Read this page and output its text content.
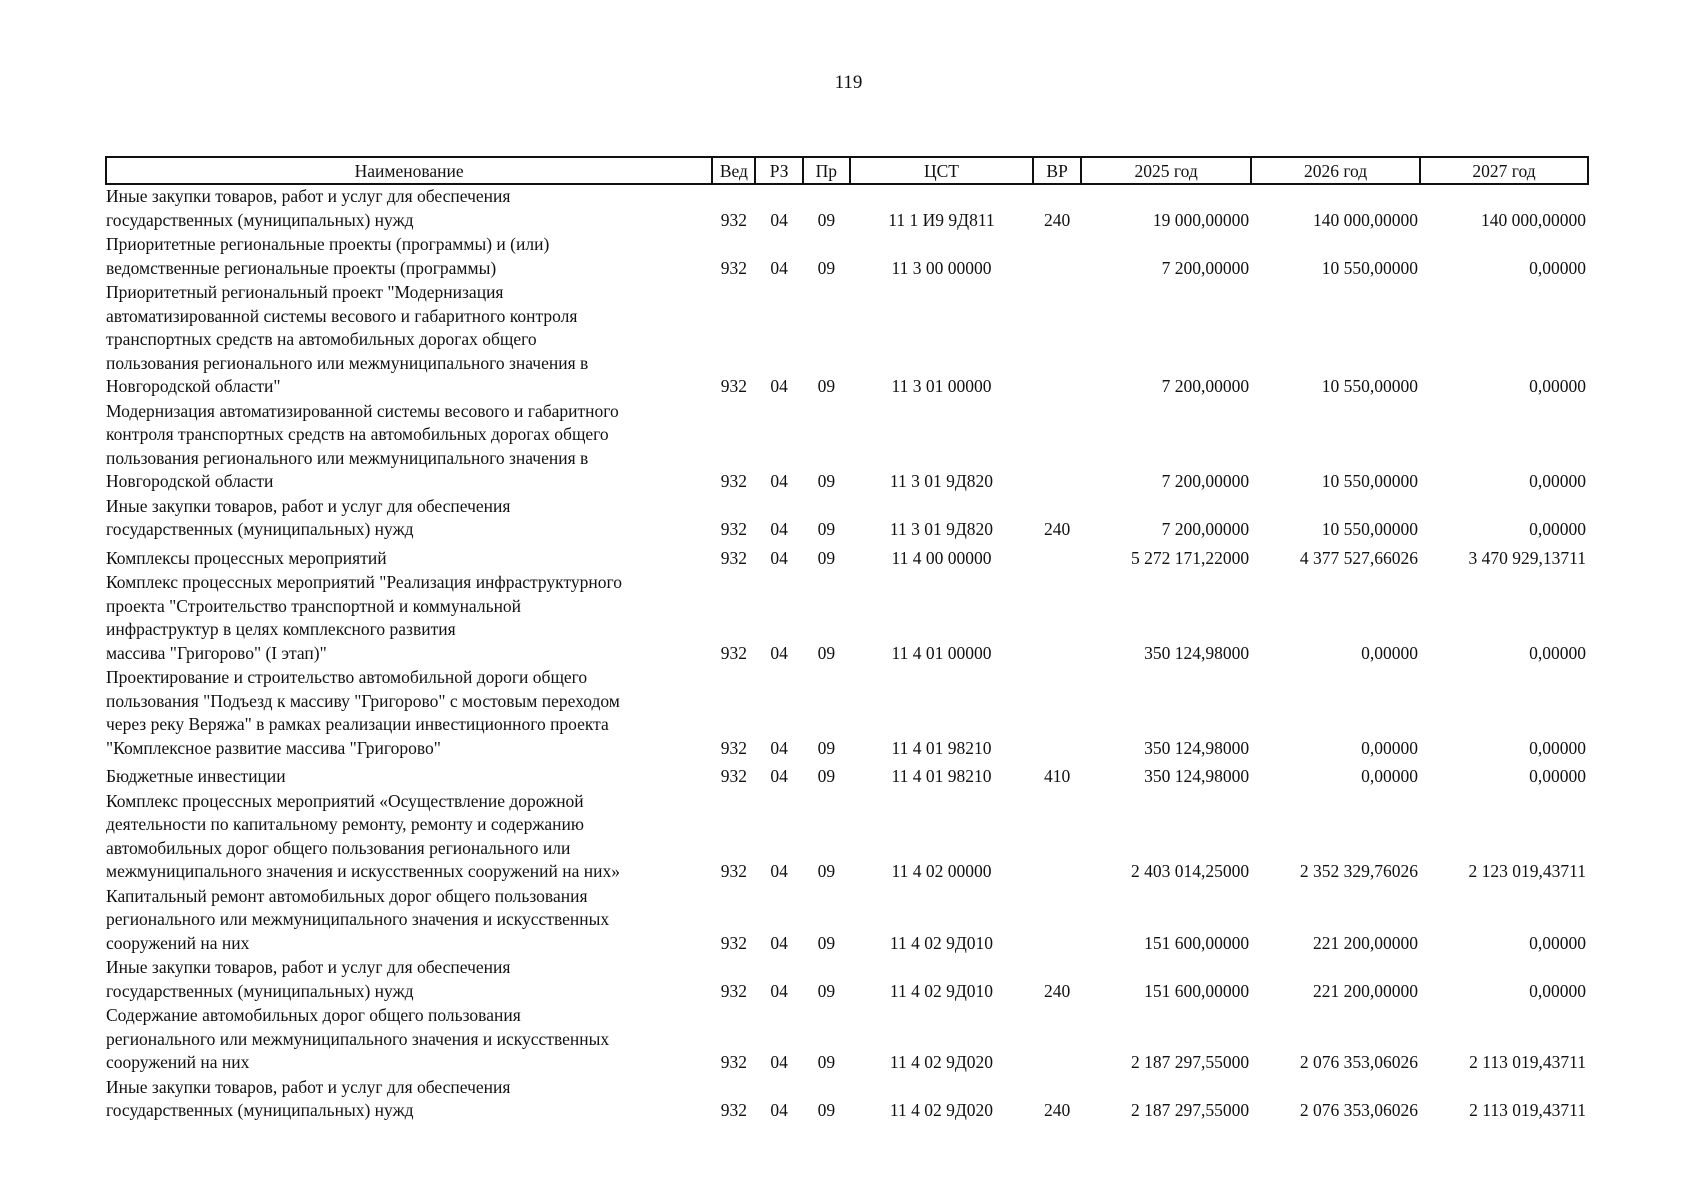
119
Наименование	Вед	РЗ	Пр	ЦСТ	ВР	2025 год	2026 год	2027 год
Иные закупки товаров, работ и услуг для обеспечения
государственных (муниципальных) нужд	932	04	09	11 1 И9 9Д811	240	19 000,00000	140 000,00000	140 000,00000
Приоритетные региональные проекты (программы) и (или)
ведомственные региональные проекты (программы)	932	04	09	11 3 00 00000		7 200,00000	10 550,00000	0,00000
Приоритетный региональный проект "Модернизация
автоматизированной системы весового и габаритного контроля
транспортных средств на автомобильных дорогах общего
пользования регионального или межмуниципального значения в
Новгородской области"	932	04	09	11 3 01 00000		7 200,00000	10 550,00000	0,00000
Модернизация автоматизированной системы весового и габаритного
контроля транспортных средств на автомобильных дорогах общего
пользования регионального или межмуниципального значения в
Новгородской области	932	04	09	11 3 01 9Д820		7 200,00000	10 550,00000	0,00000
Иные закупки товаров, работ и услуг для обеспечения
государственных (муниципальных) нужд	932	04	09	11 3 01 9Д820	240	7 200,00000	10 550,00000	0,00000
Комплексы процессных мероприятий	932	04	09	11 4 00 00000		5 272 171,22000	4 377 527,66026	3 470 929,13711
Комплекс процессных мероприятий "Реализация инфраструктурного
проекта "Строительство транспортной и коммунальной
инфраструктур в целях комплексного развития
массива "Григорово" (I этап)"	932	04	09	11 4 01 00000		350 124,98000	0,00000	0,00000
Проектирование и строительство автомобильной дороги общего
пользования "Подъезд к массиву "Григорово" с мостовым переходом
через реку Веряжа" в рамках реализации инвестиционного проекта
"Комплексное развитие массива "Григорово"	932	04	09	11 4 01 98210		350 124,98000	0,00000	0,00000
Бюджетные инвестиции	932	04	09	11 4 01 98210	410	350 124,98000	0,00000	0,00000
Комплекс процессных мероприятий «Осуществление дорожной
деятельности по капитальному ремонту, ремонту и содержанию
автомобильных дорог общего пользования регионального или
межмуниципального значения и искусственных сооружений на них»	932	04	09	11 4 02 00000		2 403 014,25000	2 352 329,76026	2 123 019,43711
Капитальный ремонт автомобильных дорог общего пользования
регионального или межмуниципального значения и искусственных
сооружений на них	932	04	09	11 4 02 9Д010		151 600,00000	221 200,00000	0,00000
Иные закупки товаров, работ и услуг для обеспечения
государственных (муниципальных) нужд	932	04	09	11 4 02 9Д010	240	151 600,00000	221 200,00000	0,00000
Содержание автомобильных дорог общего пользования
регионального или межмуниципального значения и искусственных
сооружений на них	932	04	09	11 4 02 9Д020		2 187 297,55000	2 076 353,06026	2 113 019,43711
Иные закупки товаров, работ и услуг для обеспечения
государственных (муниципальных) нужд	932	04	09	11 4 02 9Д020	240	2 187 297,55000	2 076 353,06026	2 113 019,43711
